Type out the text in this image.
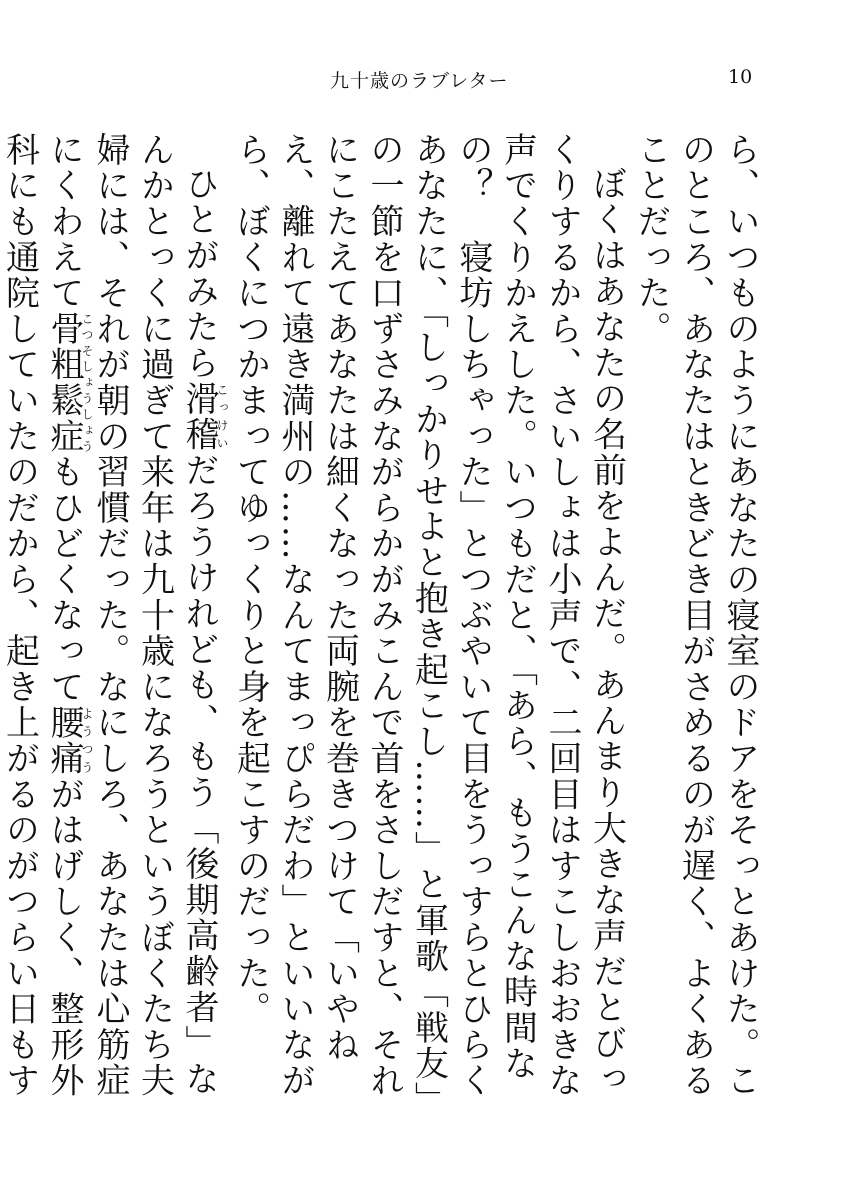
九十歳のラブレター	10

ら、いつものようにあなたの寝室のドアをそっとあけた。このところ、あなたはときどき目がさめるのが遅く、よくあることだった。

ぼくはあなたの名前をよんだ。あんまり大きな声だとびっくりするから、さいしょは小声で、二回目はすこしおおきな声でくりかえした。いつもだと、「あら、もうこんな時間なの？　寝坊しちゃった」とつぶやいて目をうっすらとひらくあなたに、「しっかりせよと抱き起こし……」と軍歌「戦友」の一節を口ずさみながらかがみこんで首をさしだすと、それにこたえてあなたは細くなった両腕を巻きつけて「いやねえ、離れて遠き満州の……なんてまっぴらだわ」といいながら、ぼくにつかまってゆっくりと身を起こすのだった。

ひとがみたら滑稽こっけいだろうけれども、もう「後期高齢者」なんかとっくに過ぎて来年は九十歳になろうというぼくたち夫婦には、それが朝の習慣だった。なにしろ、あなたは心筋症にくわえて骨粗鬆症こつそしょうしょうもひどくなって腰痛ようつうがはげしく、整形外科にも通院していたのだから、起き上がるのがつらい日もす
